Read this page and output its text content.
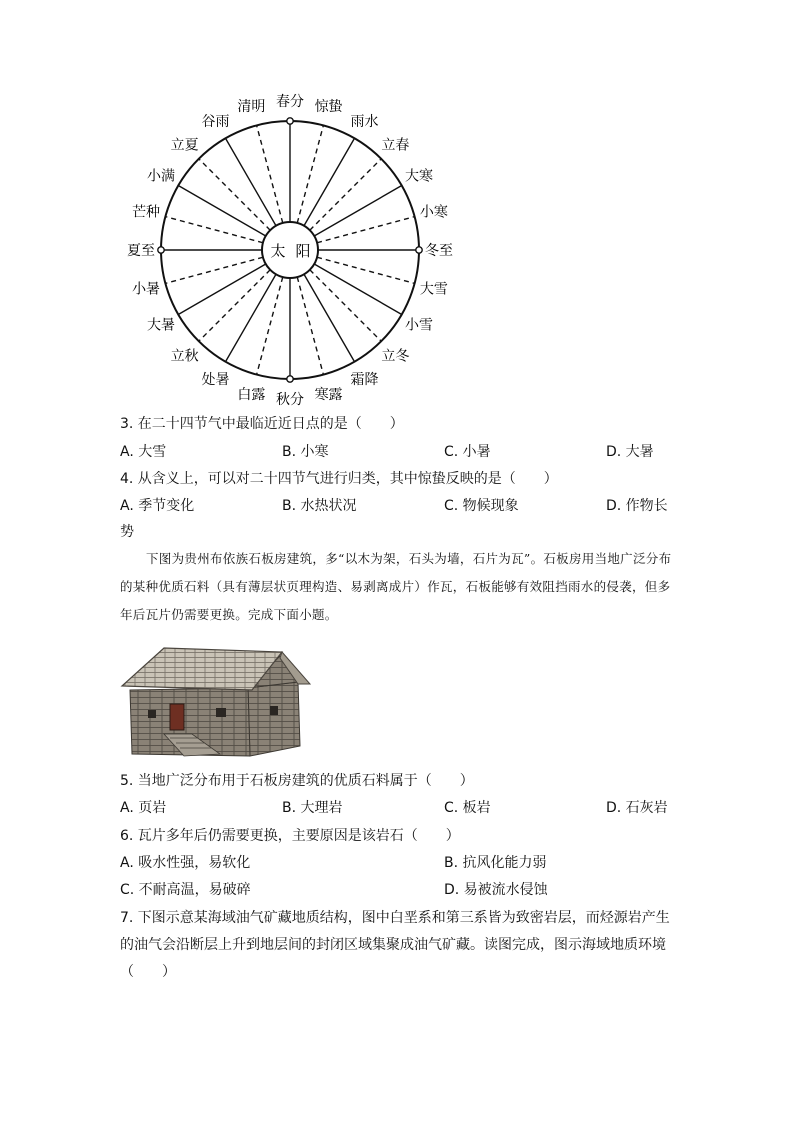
太 阳
春分 惊蛰
雨水
立春
大寒
小寒
冬至
大雪
小雪
立冬
霜降
寒露
秋分
白露
处暑
立秋
大暑
小暑
夏至
芒种
小满
立夏
谷雨
清明
3. 在二十四节气中最临近近日点的是（　　）
A. 大雪	B. 小寒	C. 小暑	D. 大暑
4. 从含义上，可以对二十四节气进行归类，其中惊蛰反映的是（　　）
A. 季节变化	B. 水热状况	C. 物候现象	D. 作物长
势
下图为贵州布依族石板房建筑，多“以木为架，石头为墙，石片为瓦”。石板房用当地广泛分布的某种优质石料（具有薄层状页理构造、易剥离成片）作瓦，石板能够有效阻挡雨水的侵袭，但多年后瓦片仍需要更换。完成下面小题。
5. 当地广泛分布用于石板房建筑的优质石料属于（　　）
A. 页岩	B. 大理岩	C. 板岩	D. 石灰岩
6. 瓦片多年后仍需要更换，主要原因是该岩石（　　）
A. 吸水性强，易软化	B. 抗风化能力弱
C. 不耐高温，易破碎	D. 易被流水侵蚀
7. 下图示意某海域油气矿藏地质结构，图中白垩系和第三系皆为致密岩层，而烃源岩产生
的油气会沿断层上升到地层间的封闭区域集聚成油气矿藏。读图完成，图示海域地质环境
（　　）
